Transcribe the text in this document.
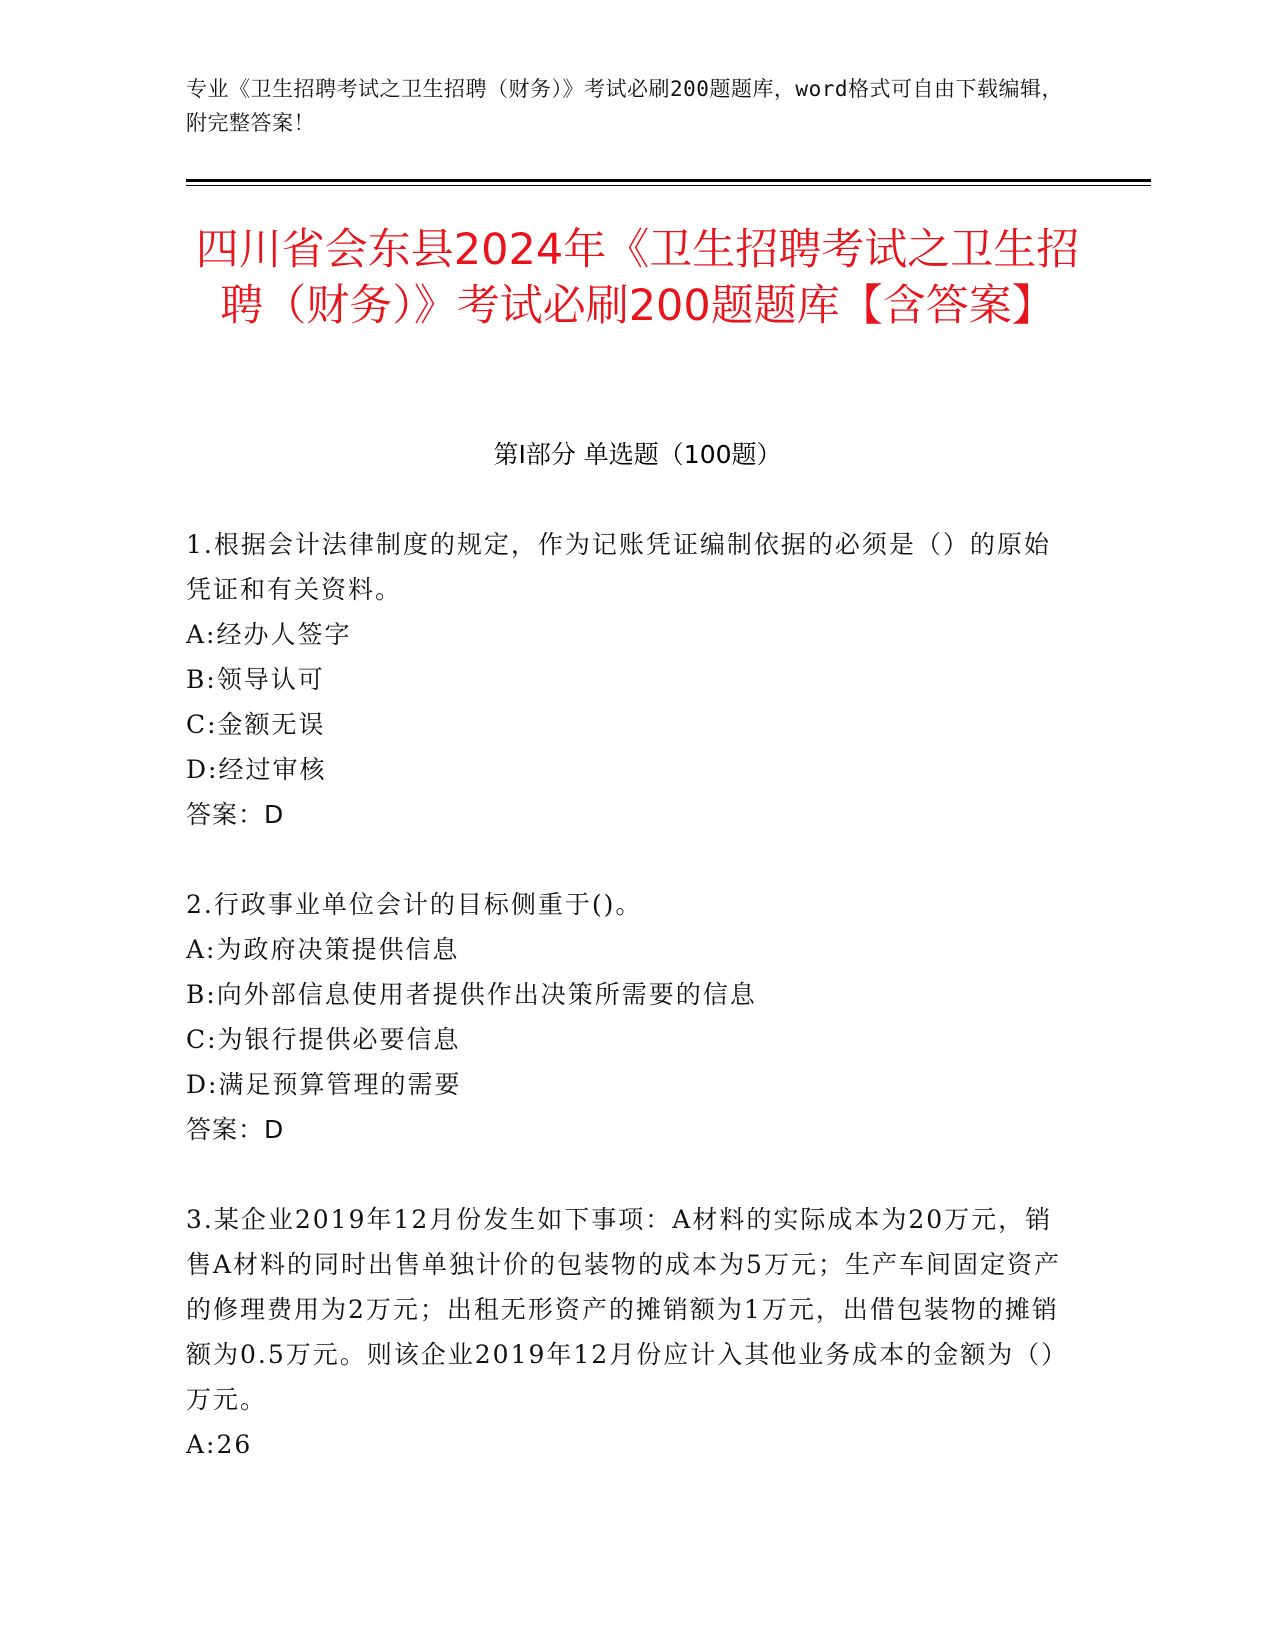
专业《卫生招聘考试之卫生招聘（财务）》考试必刷200题题库，word格式可自由下载编辑，附完整答案！
四川省会东县2024年《卫生招聘考试之卫生招聘（财务）》考试必刷200题题库【含答案】
第I部分 单选题（100题）

1.根据会计法律制度的规定，作为记账凭证编制依据的必须是（）的原始凭证和有关资料。

A:经办人签字

B:领导认可

C:金额无误

D:经过审核

答案：D

2.行政事业单位会计的目标侧重于()。

A:为政府决策提供信息

B:向外部信息使用者提供作出决策所需要的信息

C:为银行提供必要信息

D:满足预算管理的需要

答案：D

3.某企业2019年12月份发生如下事项：A材料的实际成本为20万元，销售A材料的同时出售单独计价的包装物的成本为5万元；生产车间固定资产的修理费用为2万元；出租无形资产的摊销额为1万元，出借包装物的摊销额为0.5万元。则该企业2019年12月份应计入其他业务成本的金额为（）万元。

A:26
